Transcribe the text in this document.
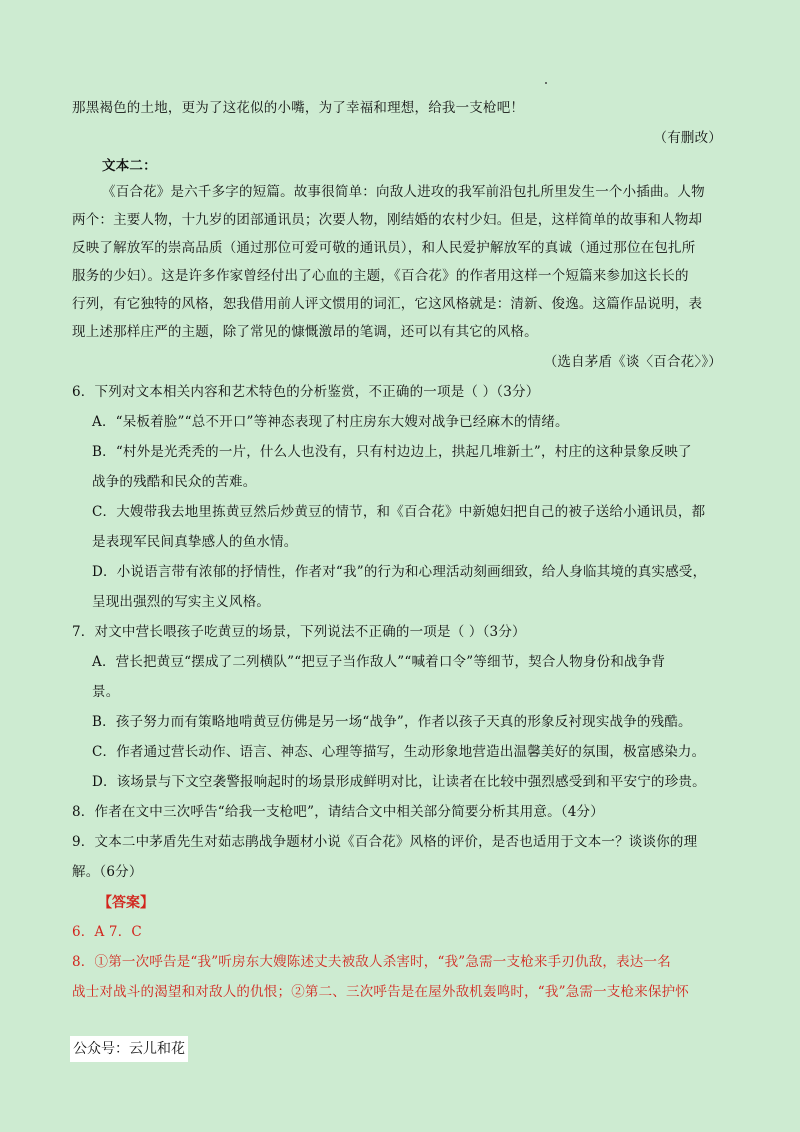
那黑褐色的土地，更为了这花似的小嘴，为了幸福和理想，给我一支枪吧！
（有删改）
文本二：
《百合花》是六千多字的短篇。故事很简单：向敌人进攻的我军前沿包扎所里发生一个小插曲。人物
两个：主要人物，十九岁的团部通讯员；次要人物，刚结婚的农村少妇。但是，这样简单的故事和人物却
反映了解放军的崇高品质（通过那位可爱可敬的通讯员），和人民爱护解放军的真诚（通过那位在包扎所
服务的少妇）。这是许多作家曾经付出了心血的主题，《百合花》的作者用这样一个短篇来参加这长长的
行列，有它独特的风格，恕我借用前人评文惯用的词汇，它这风格就是：清新、俊逸。这篇作品说明，表
现上述那样庄严的主题，除了常见的慷慨激昂的笔调，还可以有其它的风格。
（选自茅盾《谈〈百合花〉》）
6．下列对文本相关内容和艺术特色的分析鉴赏，不正确的一项是（ ）（3分）
A．“呆板着脸”“总不开口”等神态表现了村庄房东大嫂对战争已经麻木的情绪。
B．“村外是光秃秃的一片，什么人也没有，只有村边边上，拱起几堆新土”，村庄的这种景象反映了
战争的残酷和民众的苦难。
C．大嫂带我去地里拣黄豆然后炒黄豆的情节，和《百合花》中新媳妇把自己的被子送给小通讯员，都
是表现军民间真挚感人的鱼水情。
D．小说语言带有浓郁的抒情性，作者对“我”的行为和心理活动刻画细致，给人身临其境的真实感受，
呈现出强烈的写实主义风格。
7．对文中营长喂孩子吃黄豆的场景，下列说法不正确的一项是（ ）（3分）
A．营长把黄豆“摆成了二列横队”“把豆子当作敌人”“喊着口令”等细节，契合人物身份和战争背
景。
B．孩子努力而有策略地啃黄豆仿佛是另一场“战争”，作者以孩子天真的形象反衬现实战争的残酷。
C．作者通过营长动作、语言、神态、心理等描写，生动形象地营造出温馨美好的氛围，极富感染力。
D．该场景与下文空袭警报响起时的场景形成鲜明对比，让读者在比较中强烈感受到和平安宁的珍贵。
8．作者在文中三次呼告“给我一支枪吧”，请结合文中相关部分简要分析其用意。（4分）
9．文本二中茅盾先生对茹志鹃战争题材小说《百合花》风格的评价，是否也适用于文本一？谈谈你的理
解。（6分）
【答案】
6．A 7．C
8．①第一次呼告是“我”听房东大嫂陈述丈夫被敌人杀害时，“我”急需一支枪来手刃仇敌，表达一名
战士对战斗的渴望和对敌人的仇恨；②第二、三次呼告是在屋外敌机轰鸣时，“我”急需一支枪来保护怀
公众号：云儿和花
